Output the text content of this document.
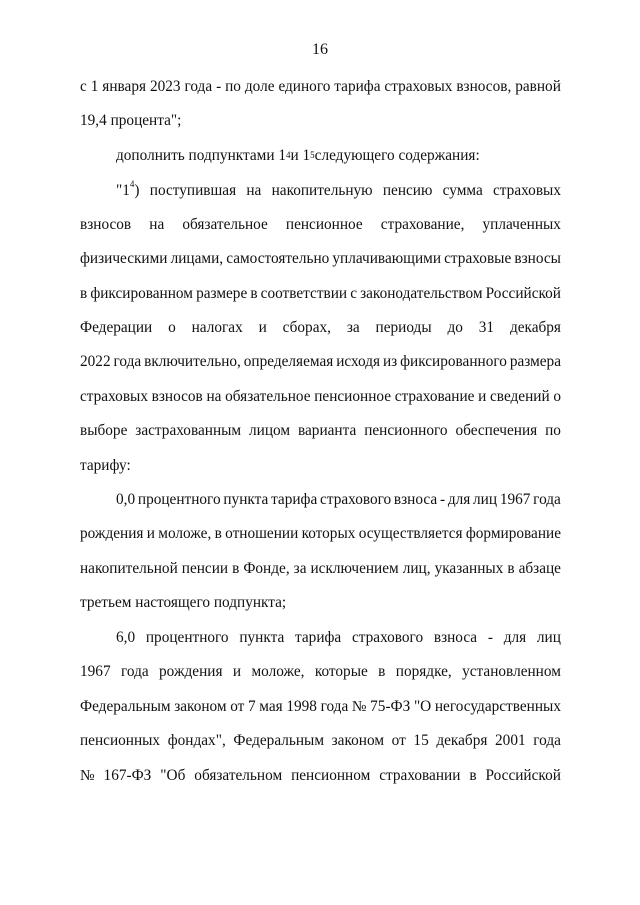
16
с 1 января 2023 года - по доле единого тарифа страховых взносов, равной
19,4 процента";
дополнить подпунктами 1 4 и 1 5 следующего содержания:
"$1^4$) поступившая на накопительную пенсию сумма страховых
взносов на обязательное пенсионное страхование, уплаченных
физическими лицами, самостоятельно уплачивающими страховые взносы
в фиксированном размере в соответствии с законодательством Российской
Федерации о налогах и сборах, за периоды до 31 декабря
2022 года включительно, определяемая исходя из фиксированного размера
страховых взносов на обязательное пенсионное страхование и сведений о
выборе застрахованным лицом варианта пенсионного обеспечения по
тарифу:
0,0 процентного пункта тарифа страхового взноса - для лиц 1967 года
рождения и моложе, в отношении которых осуществляется формирование
накопительной пенсии в Фонде, за исключением лиц, указанных в абзаце
третьем настоящего подпункта;
6,0 процентного пункта тарифа страхового взноса - для лиц
1967 года рождения и моложе, которые в порядке, установленном
Федеральным законом от 7 мая 1998 года № 75-ФЗ "О негосударственных
пенсионных фондах", Федеральным законом от 15 декабря 2001 года
№ 167-ФЗ "Об обязательном пенсионном страховании в Российской
